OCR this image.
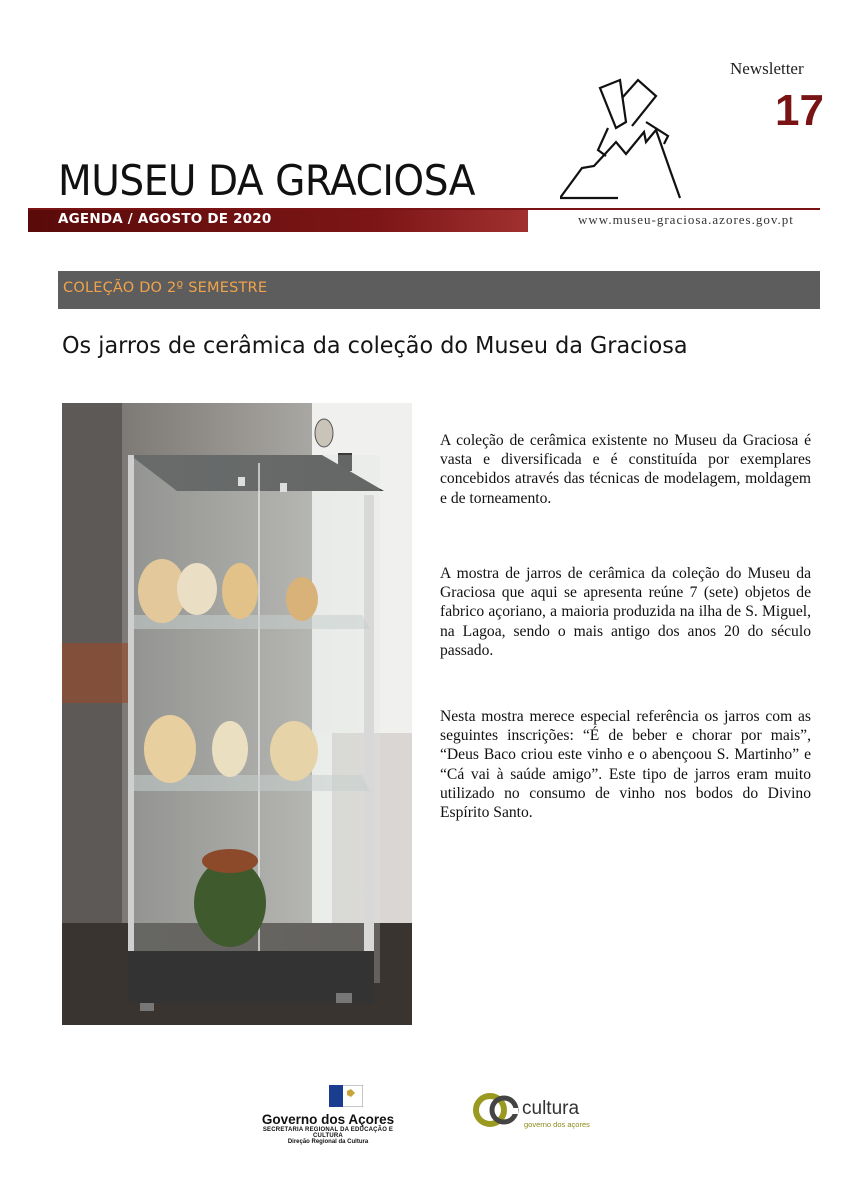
Newsletter
17
MUSEU DA GRACIOSA
AGENDA / AGOSTO DE 2020	www.museu-graciosa.azores.gov.pt
COLEÇÃO DO 2º SEMESTRE
Os jarros de cerâmica da coleção do Museu da Graciosa
A coleção de cerâmica existente no Museu da Graciosa é vasta e diversificada e é constituída por exemplares concebidos através das técnicas de modelagem, moldagem e de torneamento.
A mostra de jarros de cerâmica da coleção do Museu da Graciosa que aqui se apresenta reúne 7 (sete) objetos de fabrico açoriano, a maioria produzida na ilha de S. Miguel, na Lagoa, sendo o mais antigo dos anos 20 do século passado.
Nesta mostra merece especial referência os jarros com as seguintes inscrições: “É de beber e chorar por mais”, “Deus Baco criou este vinho e o abençoou S. Martinho” e “Cá vai à saúde amigo”. Este tipo de jarros eram muito utilizado no consumo de vinho nos bodos do Divino Espírito Santo.
Governo dos Açores
SECRETARIA REGIONAL DA EDUCAÇÃO E CULTURA
Direção Regional da Cultura
cultura
governo dos açores
